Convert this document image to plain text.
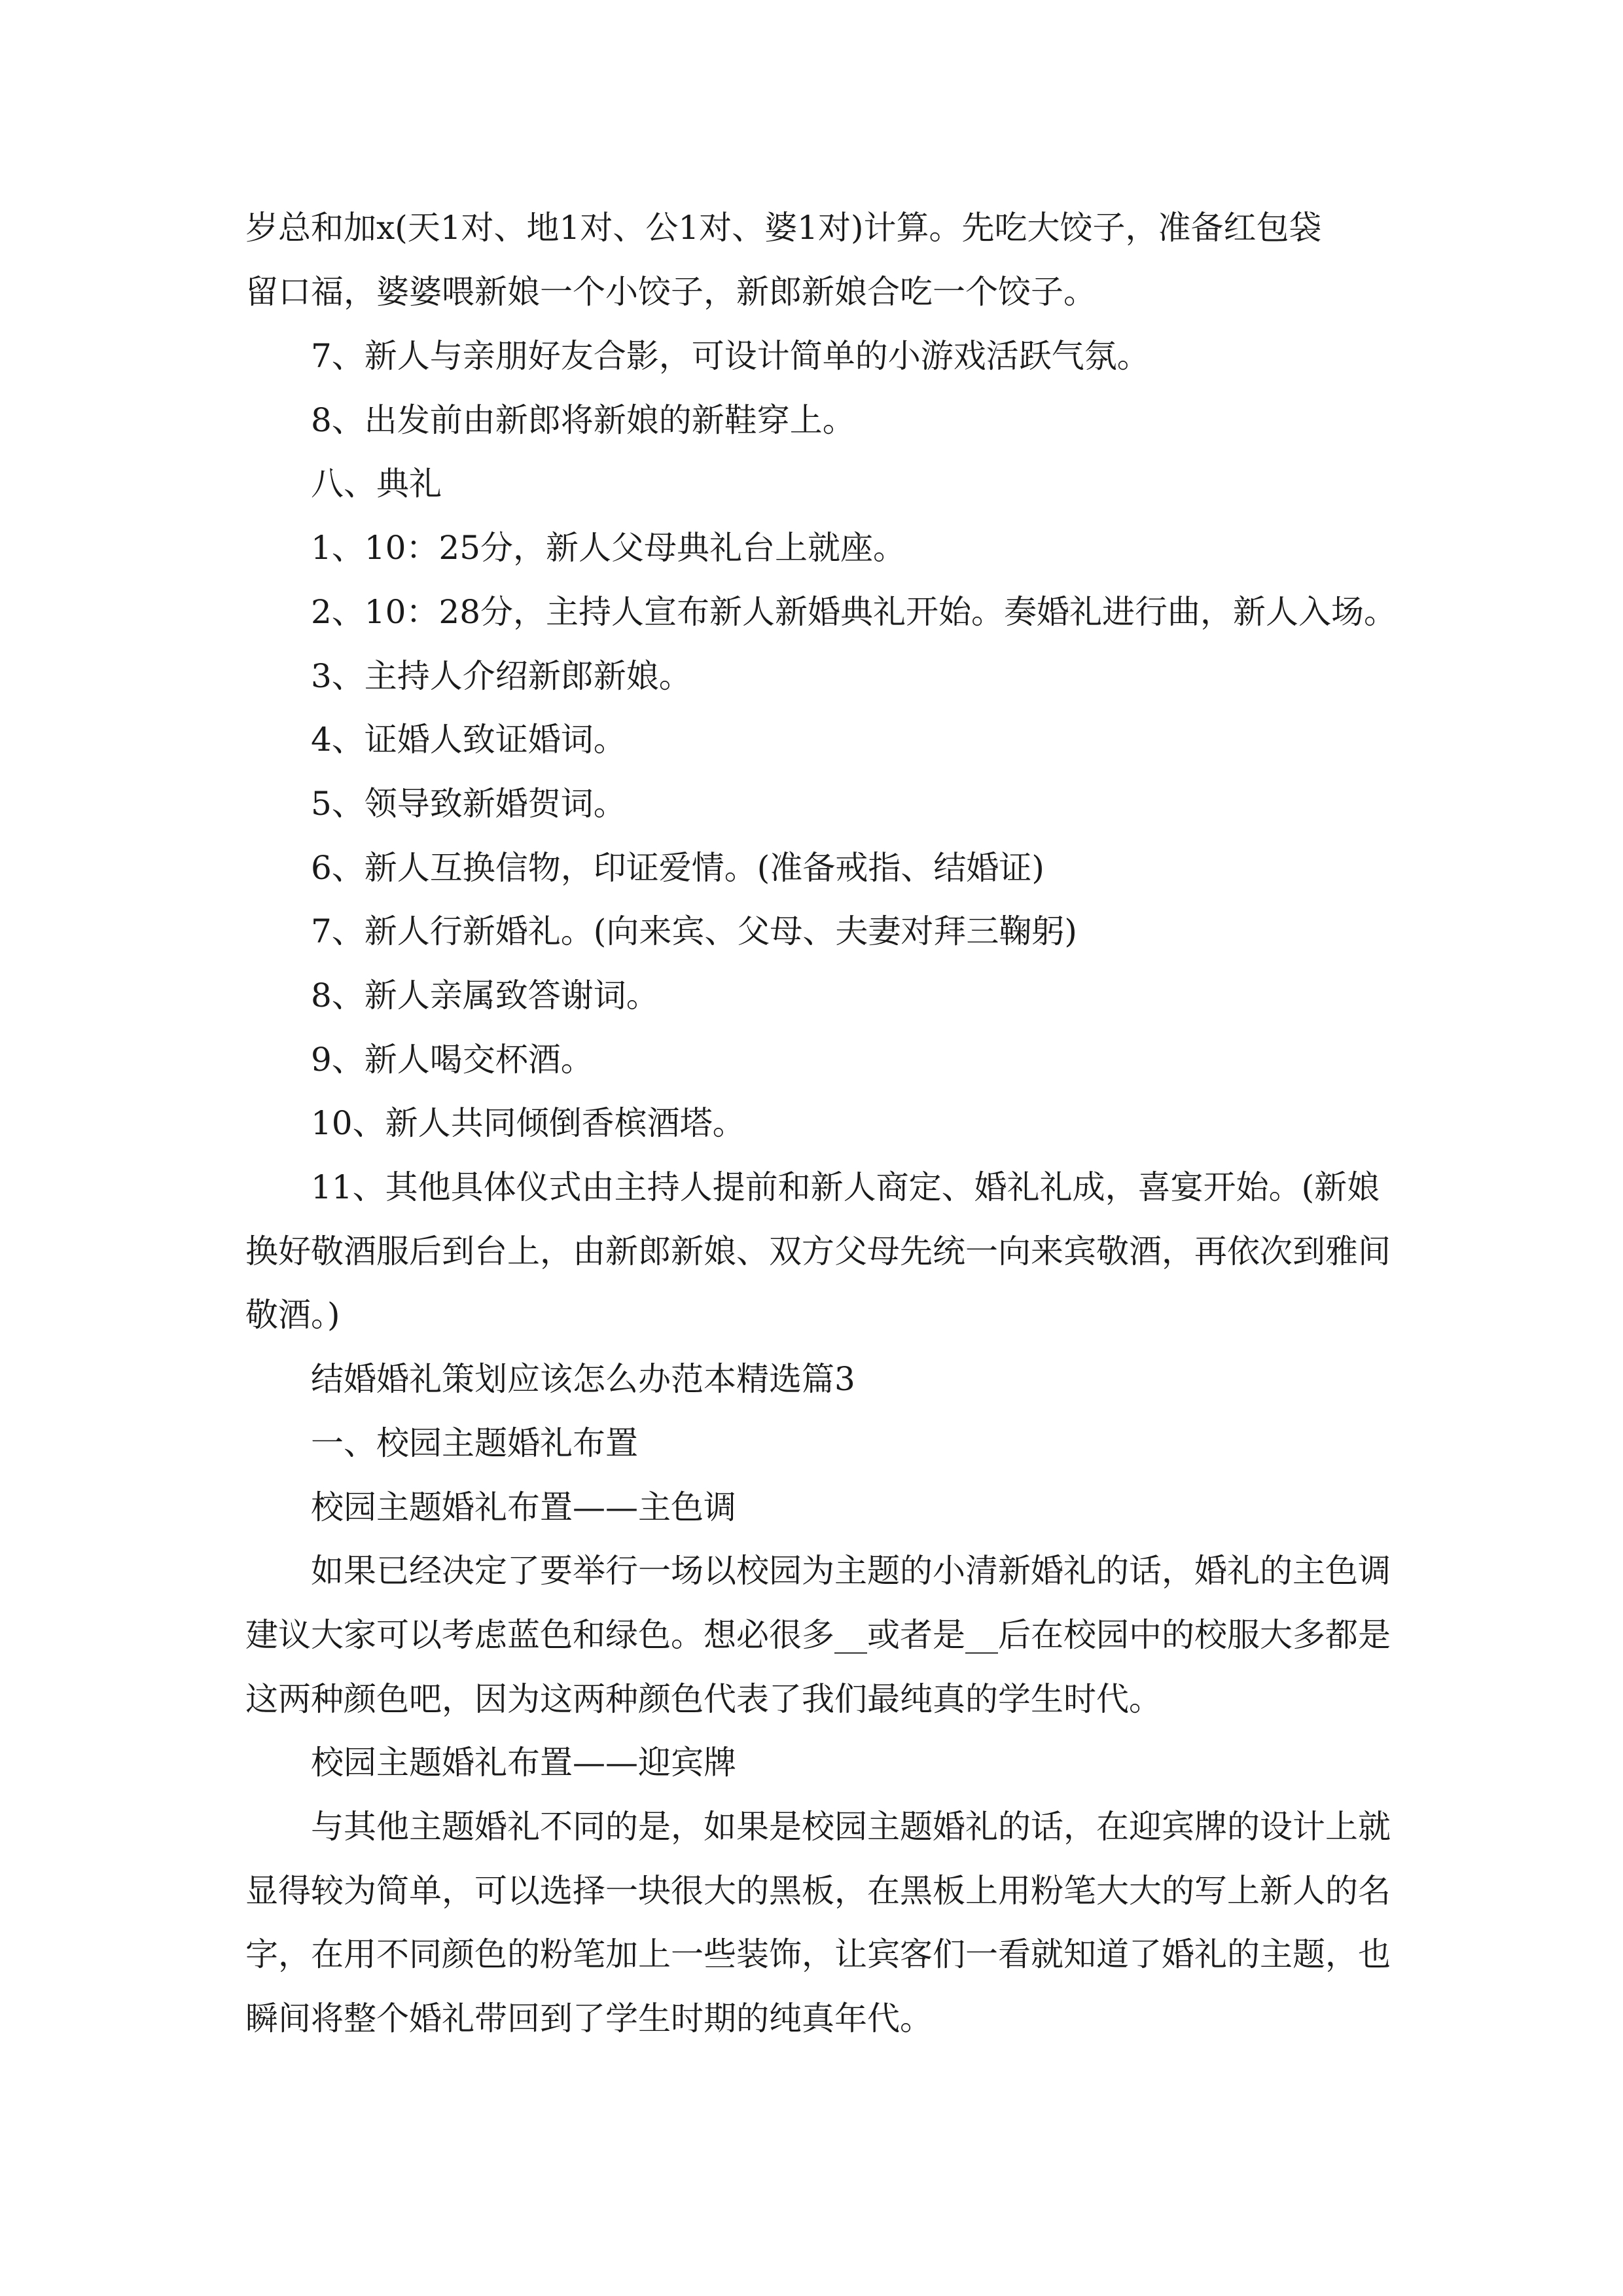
岁总和加x(天1对、地1对、公1对、婆1对)计算。先吃大饺子，准备红包袋
留口福，婆婆喂新娘一个小饺子，新郎新娘合吃一个饺子。
7、新人与亲朋好友合影，可设计简单的小游戏活跃气氛。
8、出发前由新郎将新娘的新鞋穿上。
八、典礼
1、10：25分，新人父母典礼台上就座。
2、10：28分，主持人宣布新人新婚典礼开始。奏婚礼进行曲，新人入场。
3、主持人介绍新郎新娘。
4、证婚人致证婚词。
5、领导致新婚贺词。
6、新人互换信物，印证爱情。(准备戒指、结婚证)
7、新人行新婚礼。(向来宾、父母、夫妻对拜三鞠躬)
8、新人亲属致答谢词。
9、新人喝交杯酒。
10、新人共同倾倒香槟酒塔。
11、其他具体仪式由主持人提前和新人商定、婚礼礼成，喜宴开始。(新娘
换好敬酒服后到台上，由新郎新娘、双方父母先统一向来宾敬酒，再依次到雅间
敬酒。)
结婚婚礼策划应该怎么办范本精选篇3
一、校园主题婚礼布置
校园主题婚礼布置——主色调
如果已经决定了要举行一场以校园为主题的小清新婚礼的话，婚礼的主色调
建议大家可以考虑蓝色和绿色。想必很多__或者是__后在校园中的校服大多都是
这两种颜色吧，因为这两种颜色代表了我们最纯真的学生时代。
校园主题婚礼布置——迎宾牌
与其他主题婚礼不同的是，如果是校园主题婚礼的话，在迎宾牌的设计上就
显得较为简单，可以选择一块很大的黑板，在黑板上用粉笔大大的写上新人的名
字，在用不同颜色的粉笔加上一些装饰，让宾客们一看就知道了婚礼的主题，也
瞬间将整个婚礼带回到了学生时期的纯真年代。
